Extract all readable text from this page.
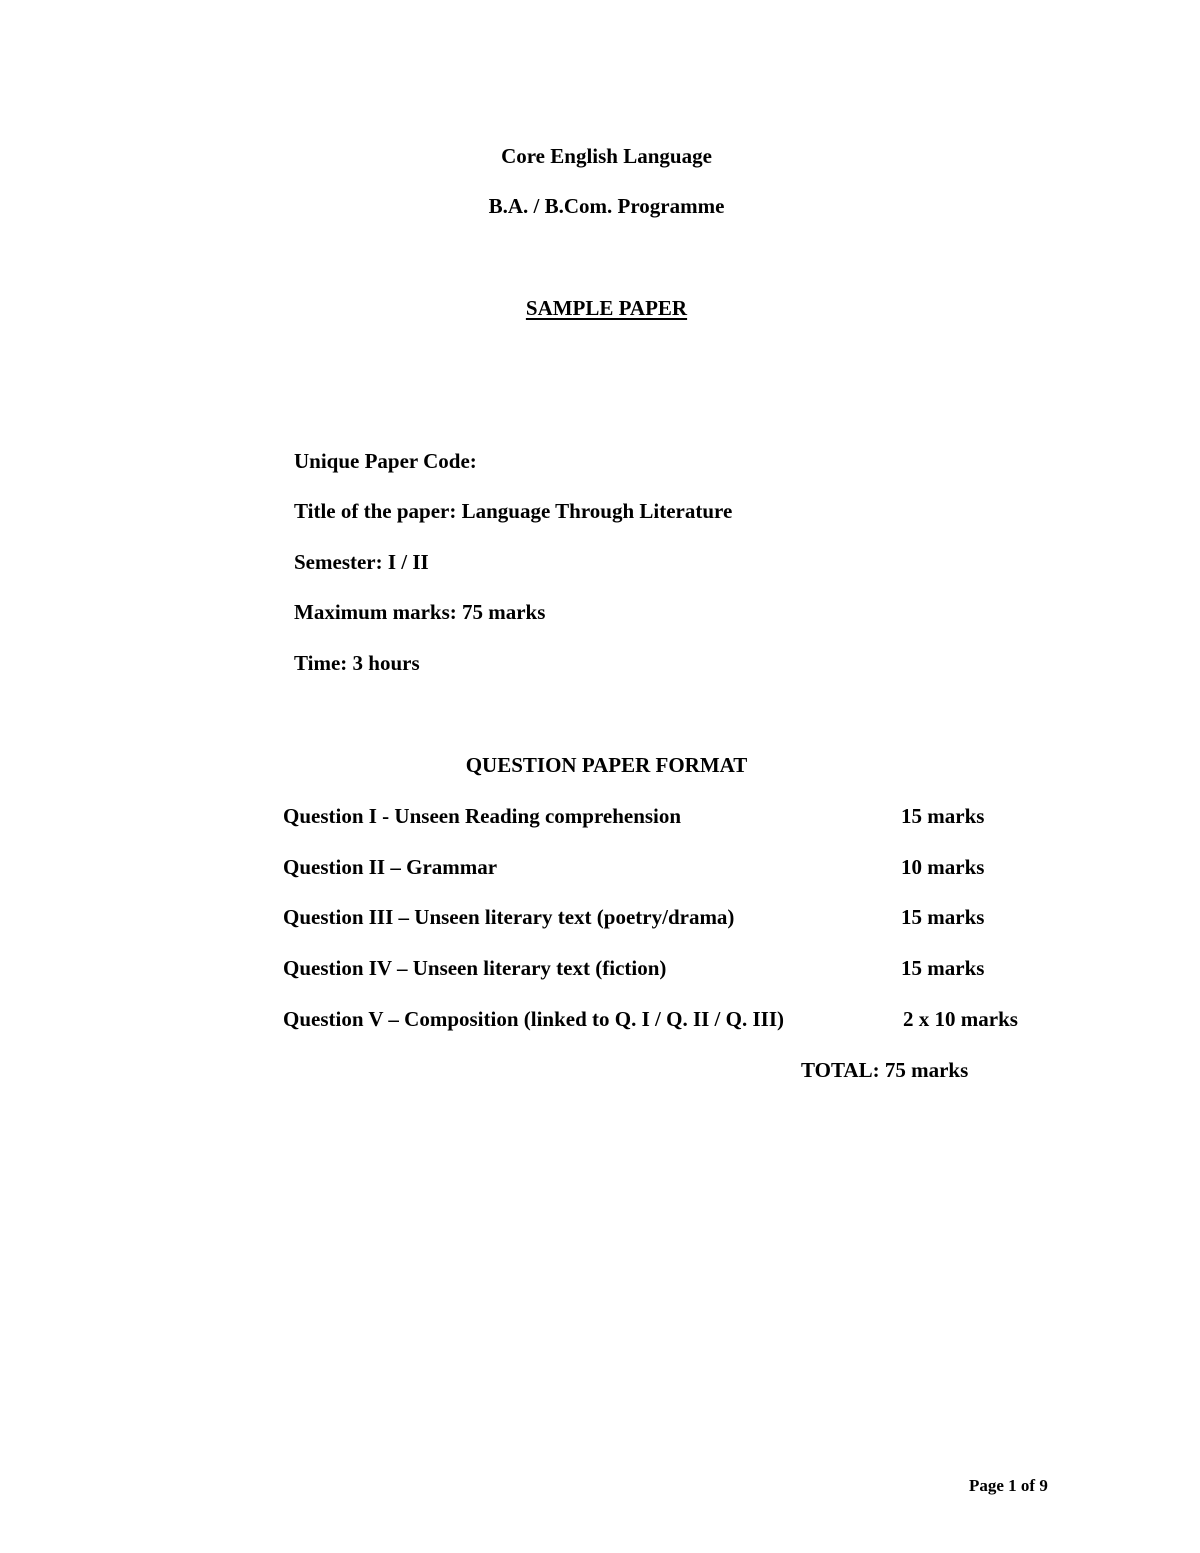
Core English Language
B.A. / B.Com. Programme
SAMPLE PAPER
Unique Paper Code:
Title of the paper: Language Through Literature
Semester: I / II
Maximum marks: 75 marks
Time: 3 hours
QUESTION PAPER FORMAT
Question I - Unseen Reading comprehension	15 marks
Question II – Grammar	10 marks
Question III – Unseen literary text (poetry/drama)	15 marks
Question IV – Unseen literary text (fiction)	15 marks
Question V – Composition (linked to Q. I / Q. II / Q. III)	2 x 10 marks
TOTAL: 75 marks
Page 1 of 9
